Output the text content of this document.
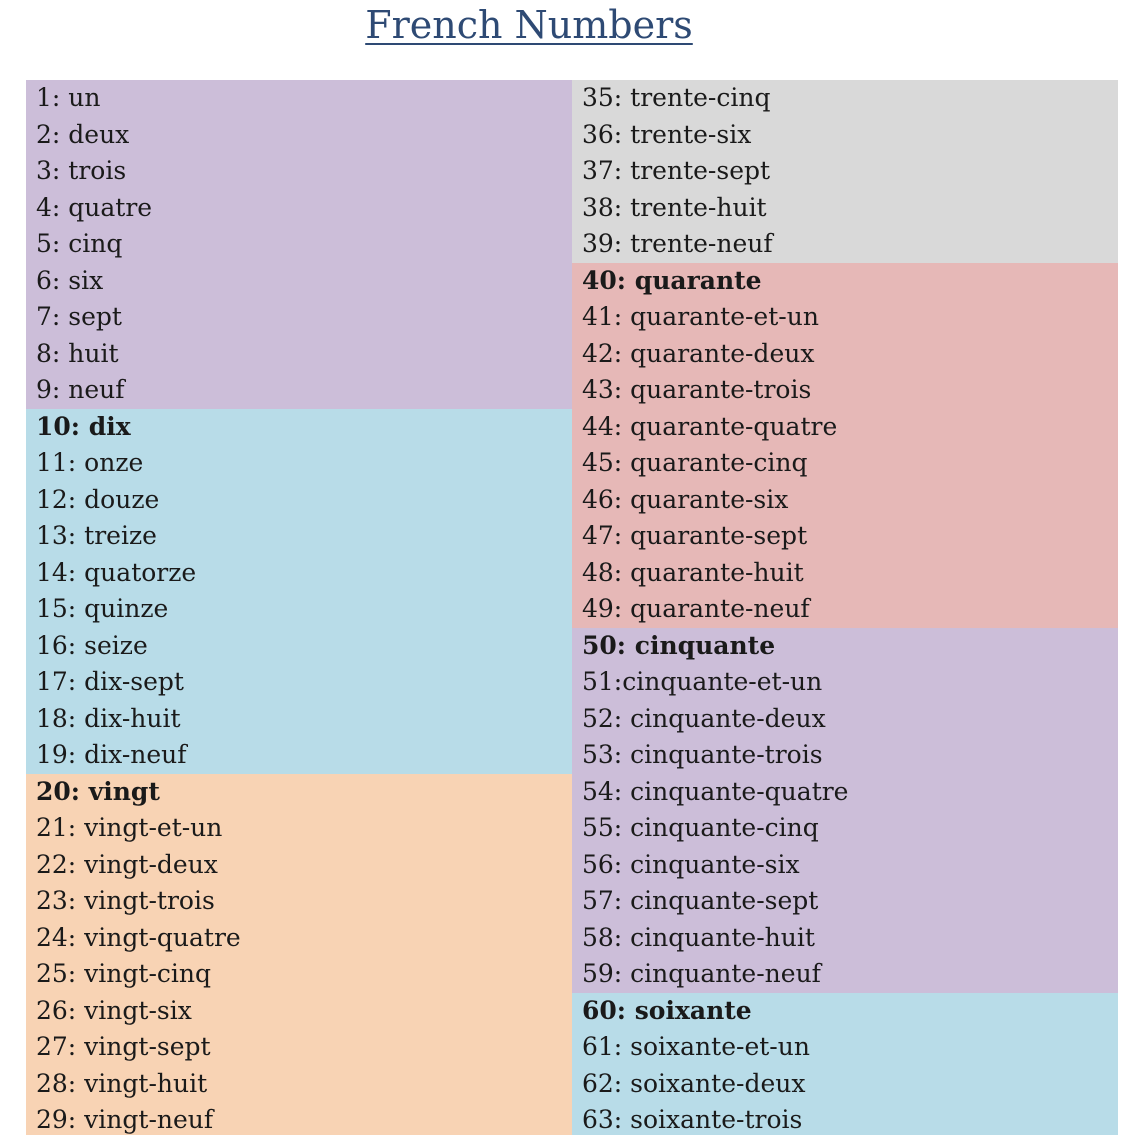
French Numbers
1: un
2: deux
3: trois
4: quatre
5: cinq
6: six
7: sept
8: huit
9: neuf
10: dix
11: onze
12: douze
13: treize
14: quatorze
15: quinze
16: seize
17: dix-sept
18: dix-huit
19: dix-neuf
20: vingt
21: vingt-et-un
22: vingt-deux
23: vingt-trois
24: vingt-quatre
25: vingt-cinq
26: vingt-six
27: vingt-sept
28: vingt-huit
29: vingt-neuf
35: trente-cinq
36: trente-six
37: trente-sept
38: trente-huit
39: trente-neuf
40: quarante
41: quarante-et-un
42: quarante-deux
43: quarante-trois
44: quarante-quatre
45: quarante-cinq
46: quarante-six
47: quarante-sept
48: quarante-huit
49: quarante-neuf
50: cinquante
51:cinquante-et-un
52: cinquante-deux
53: cinquante-trois
54: cinquante-quatre
55: cinquante-cinq
56: cinquante-six
57: cinquante-sept
58: cinquante-huit
59: cinquante-neuf
60: soixante
61: soixante-et-un
62: soixante-deux
63: soixante-trois
